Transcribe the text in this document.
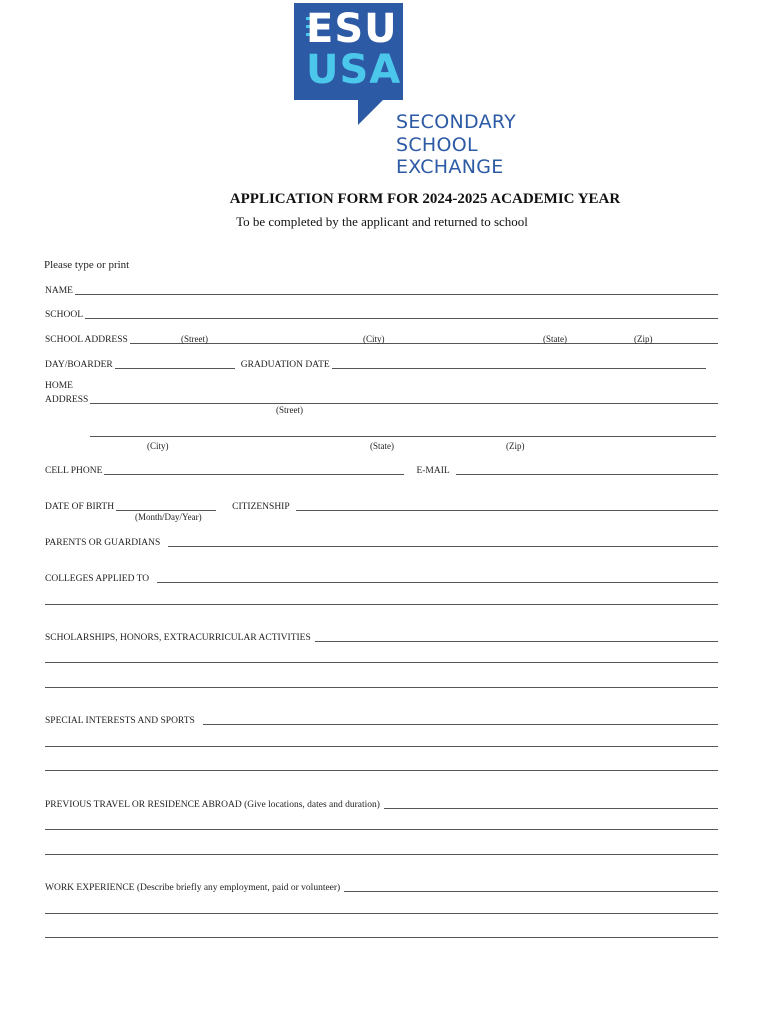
ESU
USA
SECONDARY
SCHOOL
EXCHANGE
APPLICATION FORM FOR 2024-2025 ACADEMIC YEAR
To be completed by the applicant and returned to school
Please type or print
NAME
SCHOOL
SCHOOL ADDRESS	(Street)	(City)	(State)	(Zip)
DAY/BOARDER	GRADUATION DATE
HOME
ADDRESS
(Street)
(City)	(State)	(Zip)
CELL PHONE	E-MAIL
DATE OF BIRTH	CITIZENSHIP
(Month/Day/Year)
PARENTS OR GUARDIANS
COLLEGES APPLIED TO
SCHOLARSHIPS, HONORS, EXTRACURRICULAR ACTIVITIES
SPECIAL INTERESTS AND SPORTS
PREVIOUS TRAVEL OR RESIDENCE ABROAD (Give locations, dates and duration)
WORK EXPERIENCE (Describe briefly any employment, paid or volunteer)
